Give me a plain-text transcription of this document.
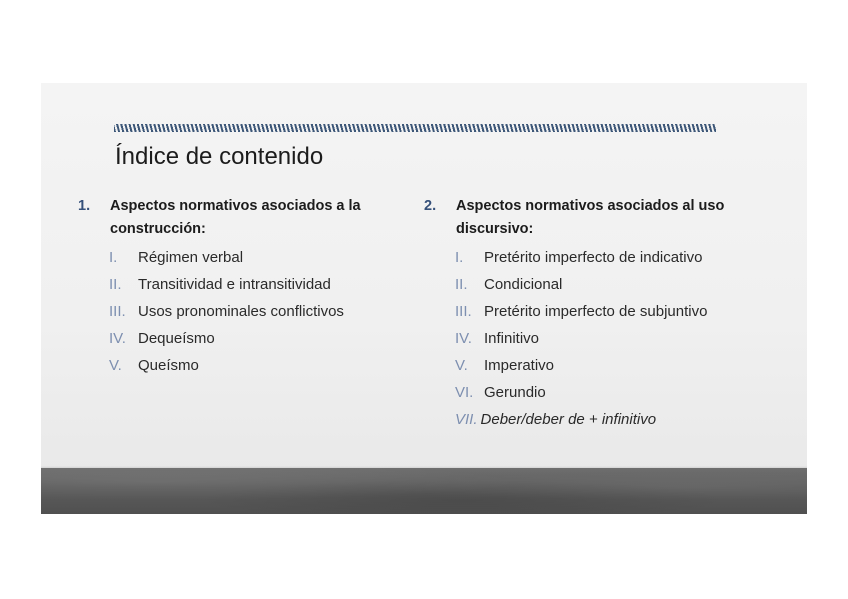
Índice de contenido
1.	Aspectos normativos asociados a la construcción:
I.	Régimen verbal
II.	Transitividad e intransitividad
III. Usos pronominales conflictivos
IV. Dequeísmo
V.	Queísmo
2.	Aspectos normativos asociados al uso discursivo:
I.	Pretérito imperfecto de indicativo
II.	Condicional
III. Pretérito imperfecto de subjuntivo
IV. Infinitivo
V.	Imperativo
VI. Gerundio
VII. Deber/deber de + infinitivo
